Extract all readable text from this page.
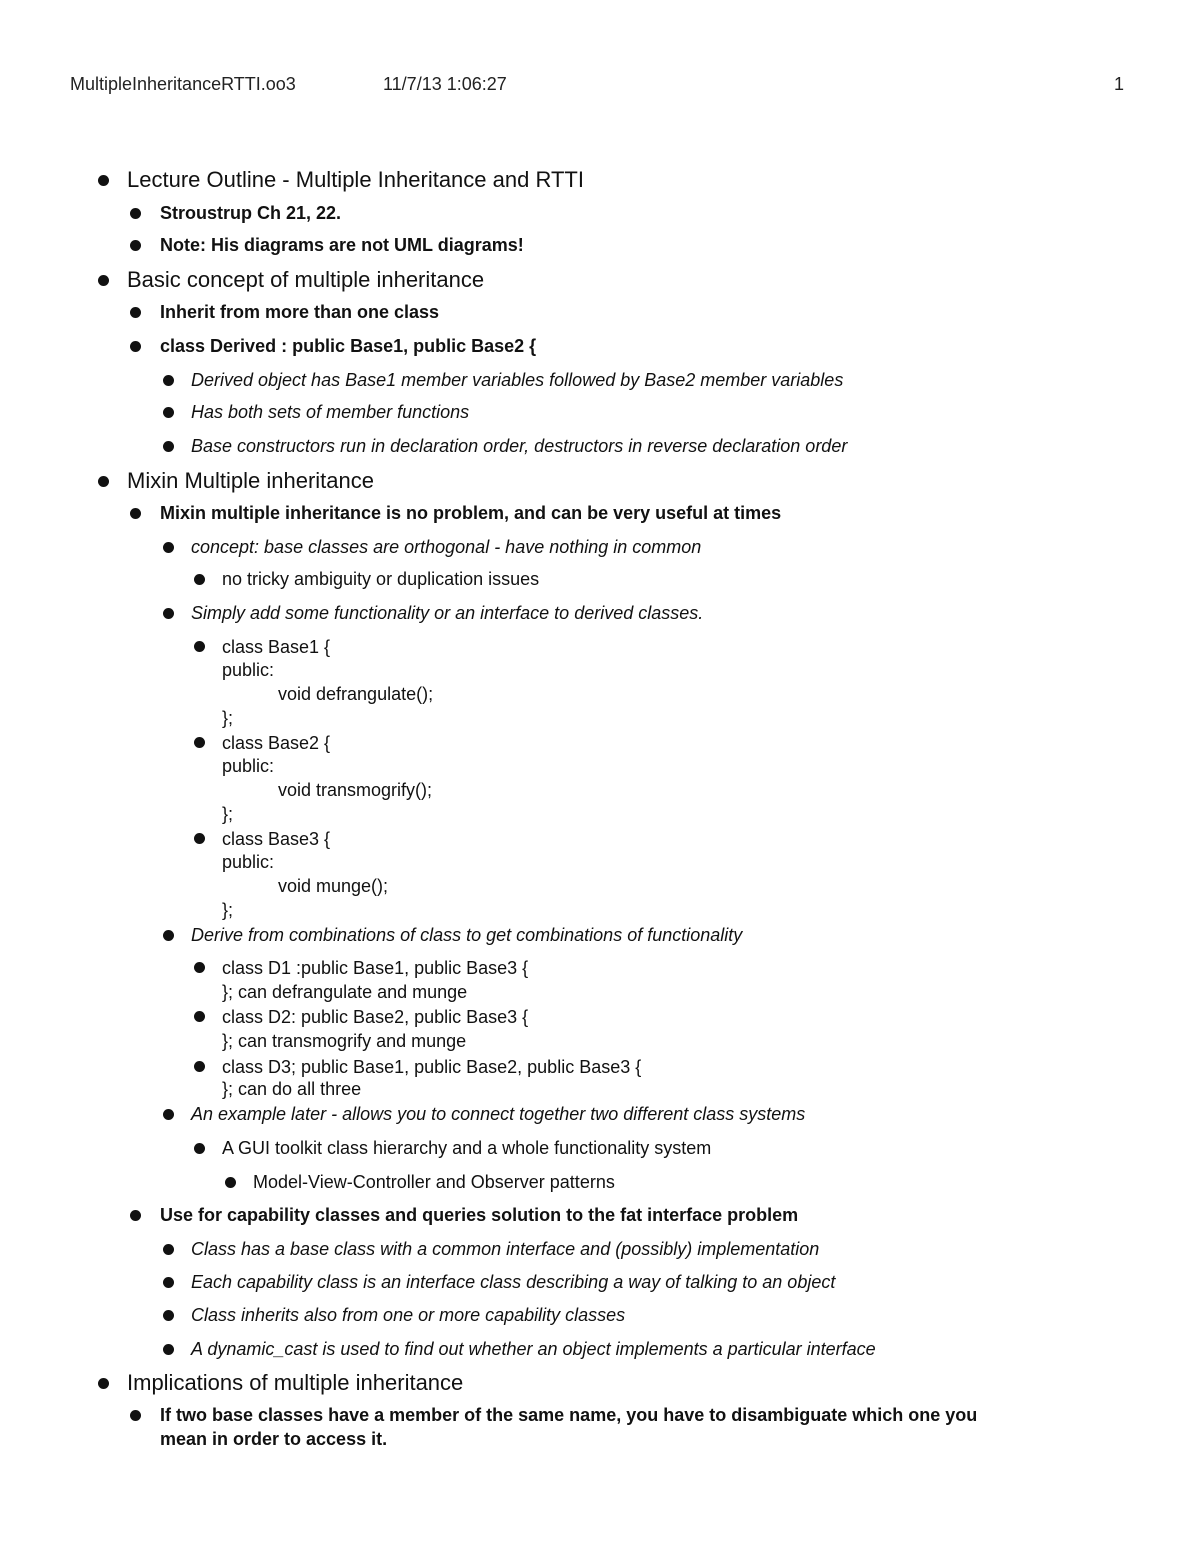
MultipleInheritanceRTTI.oo3	11/7/13 1:06:27	1
Lecture Outline - Multiple Inheritance and RTTI
Stroustrup Ch 21, 22.
Note: His diagrams are not UML diagrams!
Basic concept of multiple inheritance
Inherit from more than one class
class Derived : public Base1, public Base2 {
Derived object has Base1 member variables followed by Base2 member variables
Has both sets of member functions
Base constructors run in declaration order, destructors in reverse declaration order
Mixin Multiple inheritance
Mixin multiple inheritance is no problem, and can be very useful at times
concept: base classes are orthogonal - have nothing in common
no tricky ambiguity or duplication issues
Simply add some functionality or an interface to derived classes.
class Base1 {
public:
void defrangulate();
};
class Base2 {
public:
void transmogrify();
};
class Base3 {
public:
void munge();
};
Derive from combinations of class to get combinations of functionality
class D1 :public Base1, public Base3 {
}; can defrangulate and munge
class D2: public Base2, public Base3 {
}; can transmogrify and munge
class D3; public Base1, public Base2, public Base3 {
}; can do all three
An example later - allows you to connect together two different class systems
A GUI toolkit class hierarchy and a whole functionality system
Model-View-Controller and Observer patterns
Use for capability classes and queries solution to the fat interface problem
Class has a base class with a common interface and (possibly) implementation
Each capability class is an interface class describing a way of talking to an object
Class inherits also from one or more capability classes
A dynamic_cast is used to find out whether an object implements a particular interface
Implications of multiple inheritance
If two base classes have a member of the same name, you have to disambiguate which one you
mean in order to access it.
